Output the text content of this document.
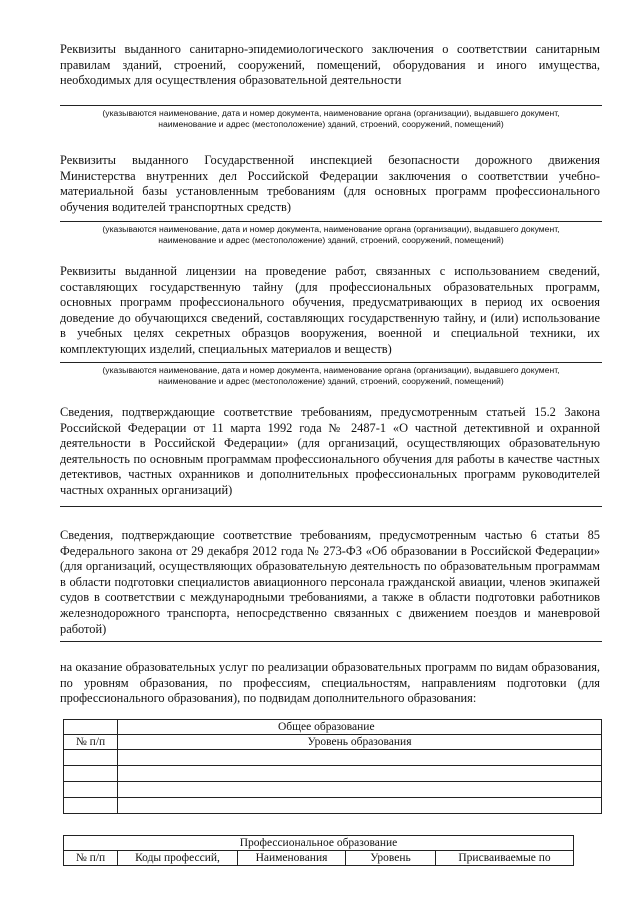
Реквизиты выданного санитарно-эпидемиологического заключения о соответствии санитарным правилам зданий, строений, сооружений, помещений, оборудования и иного имущества, необходимых для осуществления образовательной деятельности
(указываются наименование, дата и номер документа, наименование органа (организации), выдавшего документ,
наименование и адрес (местоположение) зданий, строений, сооружений, помещений)
Реквизиты выданного Государственной инспекцией безопасности дорожного движения Министерства внутренних дел Российской Федерации заключения о соответствии учебно-материальной базы установленным требованиям (для основных программ профессионального обучения водителей транспортных средств)
(указываются наименование, дата и номер документа, наименование органа (организации), выдавшего документ,
наименование и адрес (местоположение) зданий, строений, сооружений, помещений)
Реквизиты выданной лицензии на проведение работ, связанных с использованием сведений, составляющих государственную тайну (для профессиональных образовательных программ, основных программ профессионального обучения, предусматривающих в период их освоения доведение до обучающихся сведений, составляющих государственную тайну, и (или) использование в учебных целях секретных образцов вооружения, военной и специальной техники, их комплектующих изделий, специальных материалов и веществ)
(указываются наименование, дата и номер документа, наименование органа (организации), выдавшего документ,
наименование и адрес (местоположение) зданий, строений, сооружений, помещений)
Сведения, подтверждающие соответствие требованиям, предусмотренным статьей 15.2 Закона Российской Федерации от 11 марта 1992 года № 2487-1 «О частной детективной и охранной деятельности в Российской Федерации» (для организаций, осуществляющих образовательную деятельность по основным программам профессионального обучения для работы в качестве частных детективов, частных охранников и дополнительных профессиональных программ руководителей частных охранных организаций)
Сведения, подтверждающие соответствие требованиям, предусмотренным частью 6 статьи 85 Федерального закона от 29 декабря 2012 года № 273-ФЗ «Об образовании в Российской Федерации» (для организаций, осуществляющих образовательную деятельность по образовательным программам в области подготовки специалистов авиационного персонала гражданской авиации, членов экипажей судов в соответствии с международными требованиями, а также в области подготовки работников железнодорожного транспорта, непосредственно связанных с движением поездов и маневровой работой)
на оказание образовательных услуг по реализации образовательных программ по видам образования, по уровням образования, по профессиям, специальностям, направлениям подготовки (для профессионального образования), по подвидам дополнительного образования:
	Общее образование
№ п/п	Уровень образования

Профессиональное образование
№ п/п	Коды профессий,	Наименования	Уровень	Присваиваемые по
